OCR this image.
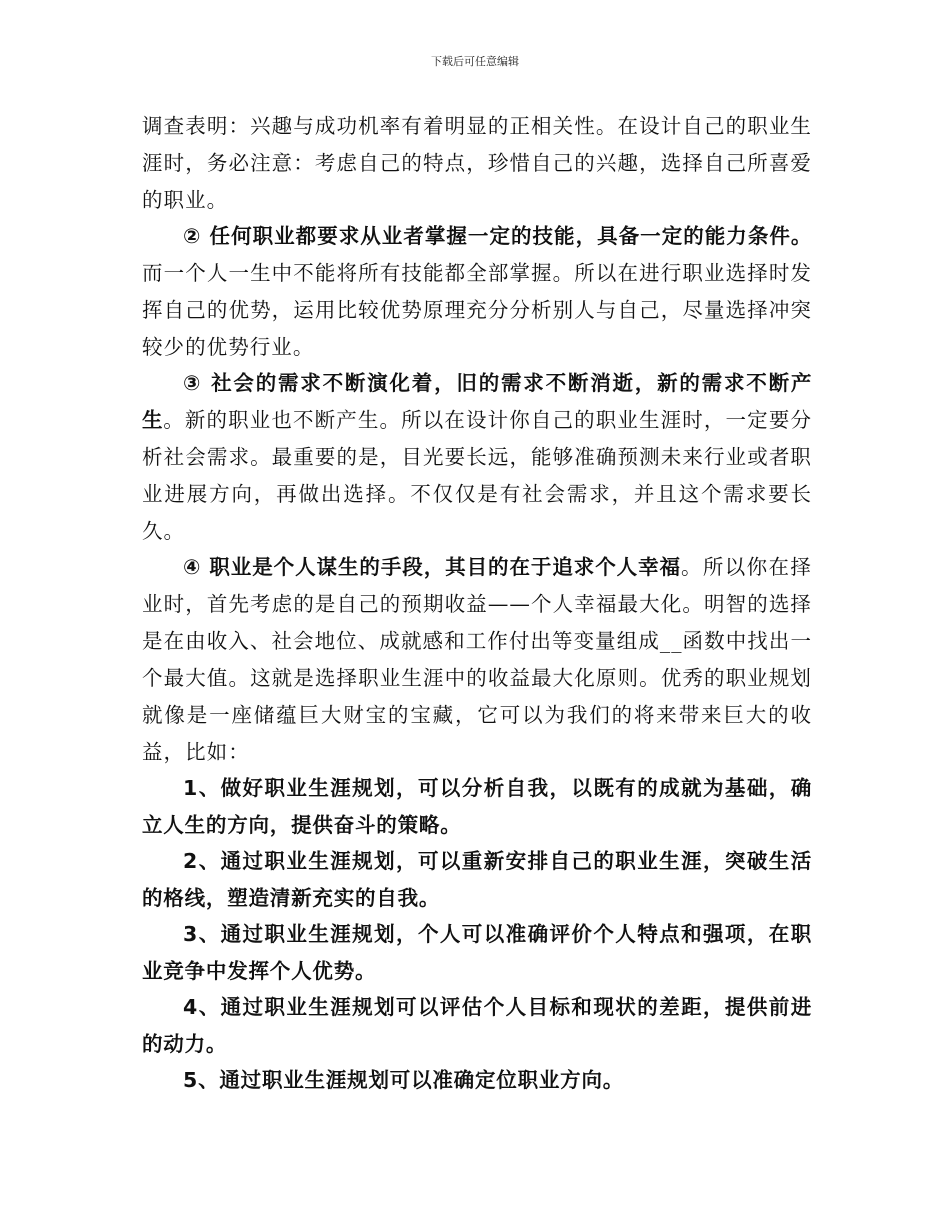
下载后可任意编辑

调查表明：兴趣与成功机率有着明显的正相关性。在设计自己的职业生涯时，务必注意：考虑自己的特点，珍惜自己的兴趣，选择自己所喜爱的职业。

② 任何职业都要求从业者掌握一定的技能，具备一定的能力条件。而一个人一生中不能将所有技能都全部掌握。所以在进行职业选择时发挥自己的优势，运用比较优势原理充分分析别人与自己，尽量选择冲突较少的优势行业。

③ 社会的需求不断演化着，旧的需求不断消逝，新的需求不断产生。新的职业也不断产生。所以在设计你自己的职业生涯时，一定要分析社会需求。最重要的是，目光要长远，能够准确预测未来行业或者职业进展方向，再做出选择。不仅仅是有社会需求，并且这个需求要长久。

④ 职业是个人谋生的手段，其目的在于追求个人幸福。所以你在择业时，首先考虑的是自己的预期收益——个人幸福最大化。明智的选择是在由收入、社会地位、成就感和工作付出等变量组成__函数中找出一个最大值。这就是选择职业生涯中的收益最大化原则。优秀的职业规划就像是一座储蕴巨大财宝的宝藏，它可以为我们的将来带来巨大的收益，比如：

1、做好职业生涯规划，可以分析自我，以既有的成就为基础，确立人生的方向，提供奋斗的策略。

2、通过职业生涯规划，可以重新安排自己的职业生涯，突破生活的格线，塑造清新充实的自我。

3、通过职业生涯规划，个人可以准确评价个人特点和强项，在职业竞争中发挥个人优势。

4、通过职业生涯规划可以评估个人目标和现状的差距，提供前进的动力。

5、通过职业生涯规划可以准确定位职业方向。
